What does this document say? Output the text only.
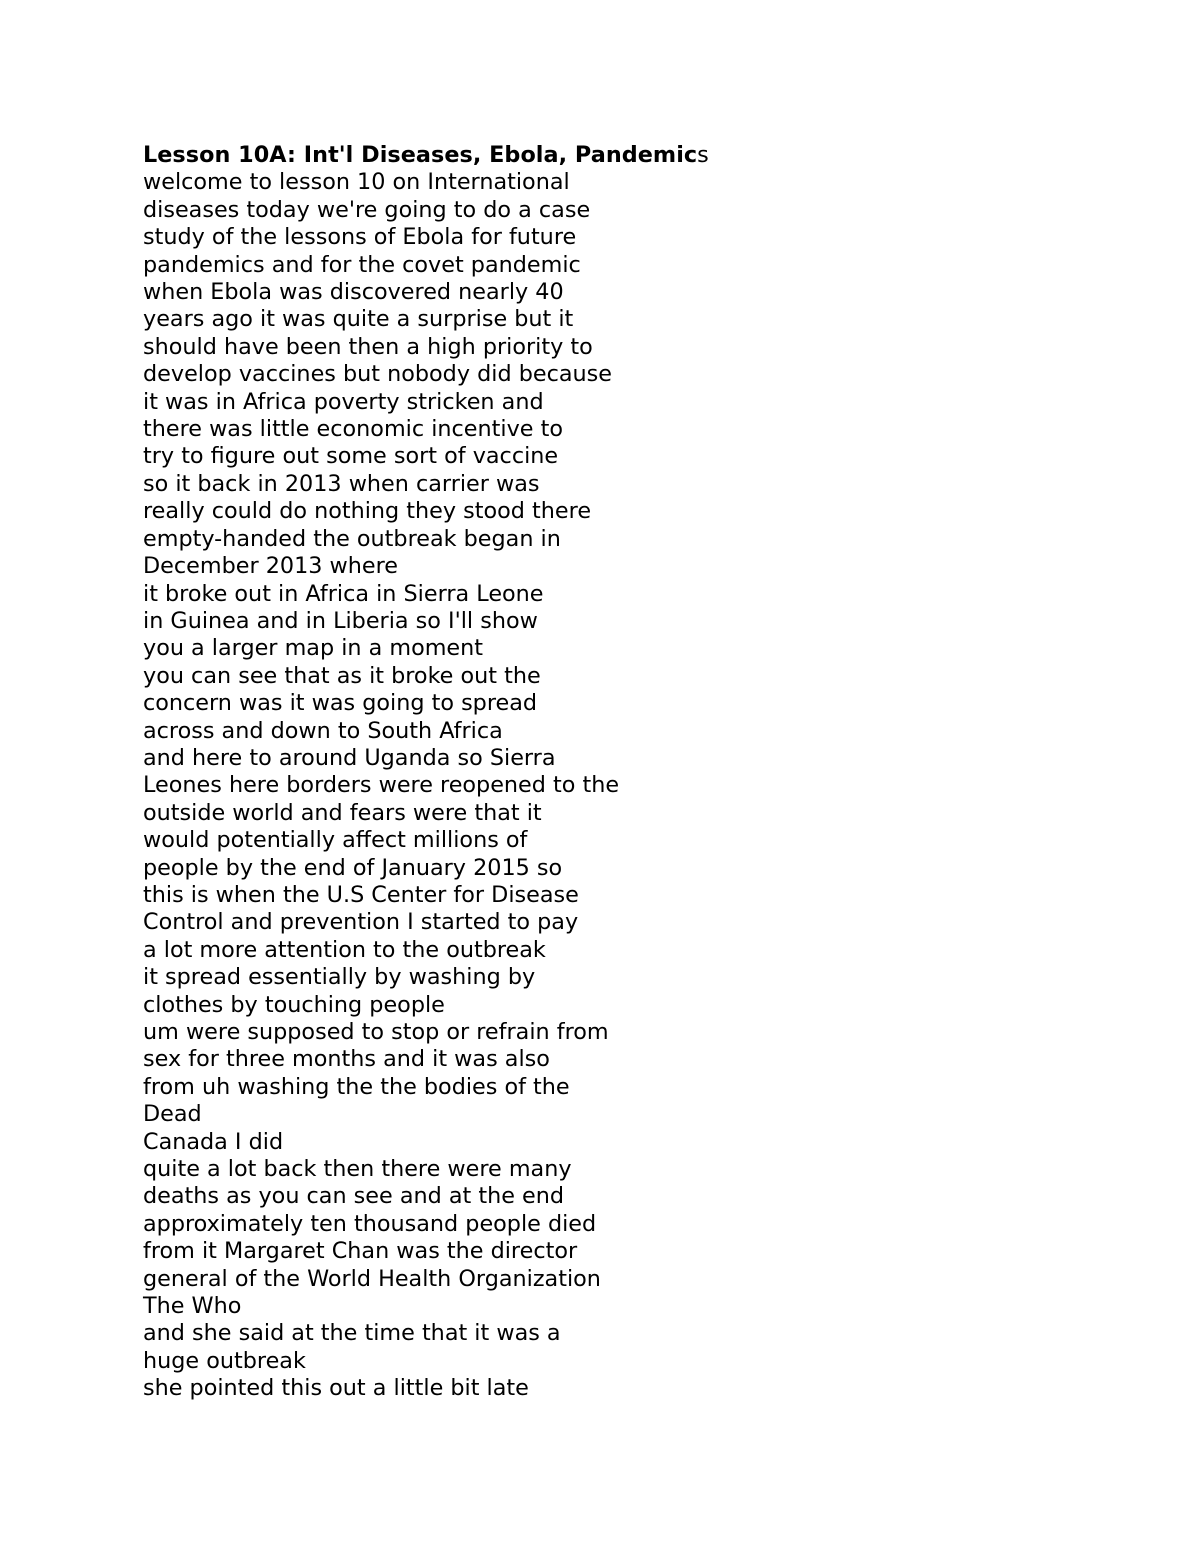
Lesson 10A: Int'l Diseases, Ebola, Pandemics
welcome to lesson 10 on International
diseases today we're going to do a case
study of the lessons of Ebola for future
pandemics and for the covet pandemic
when Ebola was discovered nearly 40
years ago it was quite a surprise but it
should have been then a high priority to
develop vaccines but nobody did because
it was in Africa poverty stricken and
there was little economic incentive to
try to figure out some sort of vaccine
so it back in 2013 when carrier was
really could do nothing they stood there
empty-handed the outbreak began in
December 2013 where
it broke out in Africa in Sierra Leone
in Guinea and in Liberia so I'll show
you a larger map in a moment
you can see that as it broke out the
concern was it was going to spread
across and down to South Africa
and here to around Uganda so Sierra
Leones here borders were reopened to the
outside world and fears were that it
would potentially affect millions of
people by the end of January 2015 so
this is when the U.S Center for Disease
Control and prevention I started to pay
a lot more attention to the outbreak
it spread essentially by washing by
clothes by touching people
um were supposed to stop or refrain from
sex for three months and it was also
from uh washing the the bodies of the
Dead
Canada I did
quite a lot back then there were many
deaths as you can see and at the end
approximately ten thousand people died
from it Margaret Chan was the director
general of the World Health Organization
The Who
and she said at the time that it was a
huge outbreak
she pointed this out a little bit late
